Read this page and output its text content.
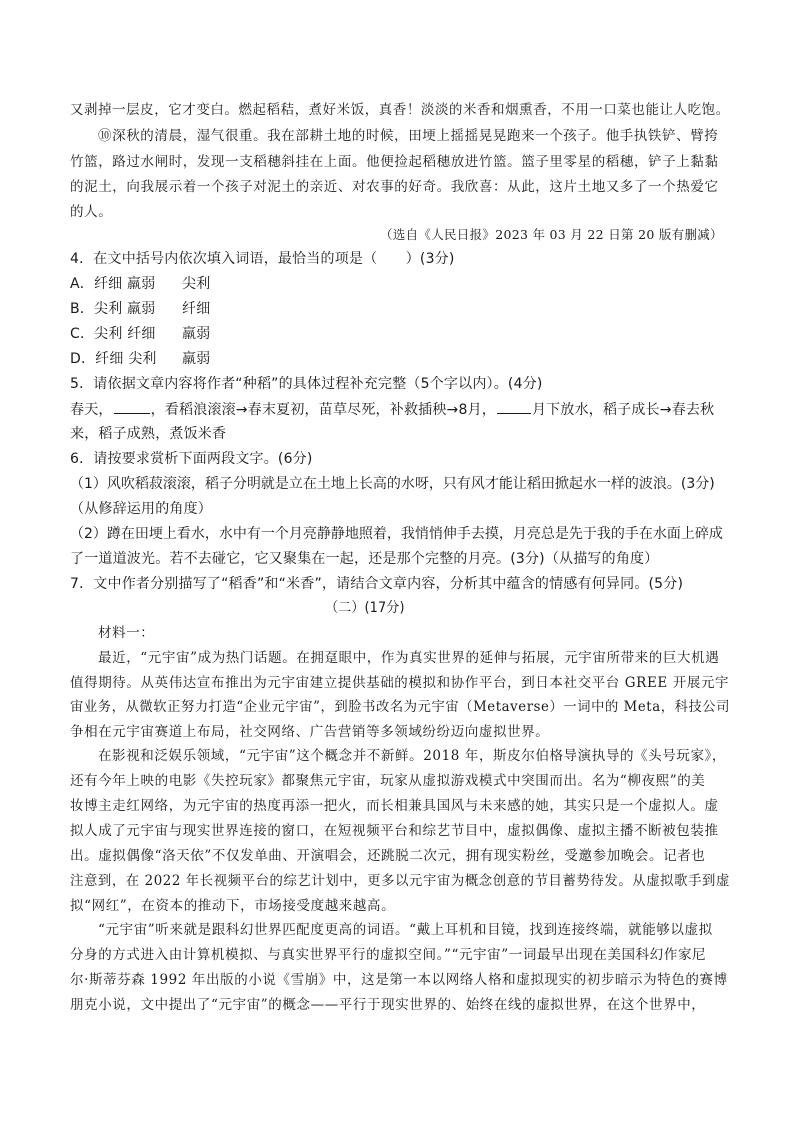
又剥掉一层皮，它才变白。燃起稻秸，煮好米饭，真香！淡淡的米香和烟熏香，不用一口菜也能让人吃饱。
⑩深秋的清晨，湿气很重。我在部耕土地的时候，田埂上摇摇晃晃跑来一个孩子。他手执铁铲、臂挎
竹篮，路过水闸时，发现一支稻穗斜挂在上面。他便捡起稻穗放进竹篮。篮子里零星的稻穗，铲子上黏黏
的泥土，向我展示着一个孩子对泥土的亲近、对农事的好奇。我欣喜：从此，这片土地又多了一个热爱它
的人。
（选自《人民日报》2023 年 03 月 22 日第 20 版有删减）
4．在文中括号内依次填入词语，最恰当的项是（　　）(3分)
A．纤细 羸弱 尖利
B．尖利 羸弱 纤细
C．尖利 纤细 羸弱
D．纤细 尖利 羸弱
5．请依据文章内容将作者“种稻”的具体过程补充完整（5个字以内）。(4分)
春天，	，看稻浪滚滚→春末夏初，苗草尽死，补救插秧→8月，	月下放水，稻子成长→春去秋
来，稻子成熟，煮饭米香
6．请按要求赏析下面两段文字。(6分)
（1）风吹稻菽滚滚，稻子分明就是立在土地上长高的水呀，只有风才能让稻田掀起水一样的波浪。(3分)
（从修辞运用的角度）
（2）蹲在田埂上看水，水中有一个月亮静静地照着，我悄悄伸手去摸，月亮总是先于我的手在水面上碎成
了一道道波光。若不去碰它，它又聚集在一起，还是那个完整的月亮。(3分)（从描写的角度）
7．文中作者分别描写了“稻香”和“米香”，请结合文章内容，分析其中蕴含的情感有何异同。(5分)
（二）(17分)
材料一：
最近，“元宇宙”成为热门话题。在拥趸眼中，作为真实世界的延伸与拓展，元宇宙所带来的巨大机遇
值得期待。从英伟达宣布推出为元宇宙建立提供基础的模拟和协作平台，到日本社交平台 GREE 开展元宇
宙业务，从微软正努力打造“企业元宇宙”，到脸书改名为元宇宙（Metaverse）一词中的 Meta，科技公司
争相在元宇宙赛道上布局，社交网络、广告营销等多领域纷纷迈向虚拟世界。
在影视和泛娱乐领域，“元宇宙”这个概念并不新鲜。2018 年，斯皮尔伯格导演执导的《头号玩家》，
还有今年上映的电影《失控玩家》都聚焦元宇宙，玩家从虚拟游戏模式中突围而出。名为“柳夜熙”的美
妆博主走红网络，为元宇宙的热度再添一把火，而长相兼具国风与未来感的她，其实只是一个虚拟人。虚
拟人成了元宇宙与现实世界连接的窗口，在短视频平台和综艺节目中，虚拟偶像、虚拟主播不断被包装推
出。虚拟偶像“洛天依”不仅发单曲、开演唱会，还跳脱二次元，拥有现实粉丝，受邀参加晚会。记者也
注意到，在 2022 年长视频平台的综艺计划中，更多以元宇宙为概念创意的节目蓄势待发。从虚拟歌手到虚
拟“网红”，在资本的推动下，市场接受度越来越高。
“元宇宙”听来就是跟科幻世界匹配度更高的词语。“戴上耳机和目镜，找到连接终端，就能够以虚拟
分身的方式进入由计算机模拟、与真实世界平行的虚拟空间。”“元宇宙”一词最早出现在美国科幻作家尼
尔·斯蒂芬森 1992 年出版的小说《雪崩》中，这是第一本以网络人格和虚拟现实的初步暗示为特色的赛博
朋克小说，文中提出了“元宇宙”的概念——平行于现实世界的、始终在线的虚拟世界，在这个世界中，
